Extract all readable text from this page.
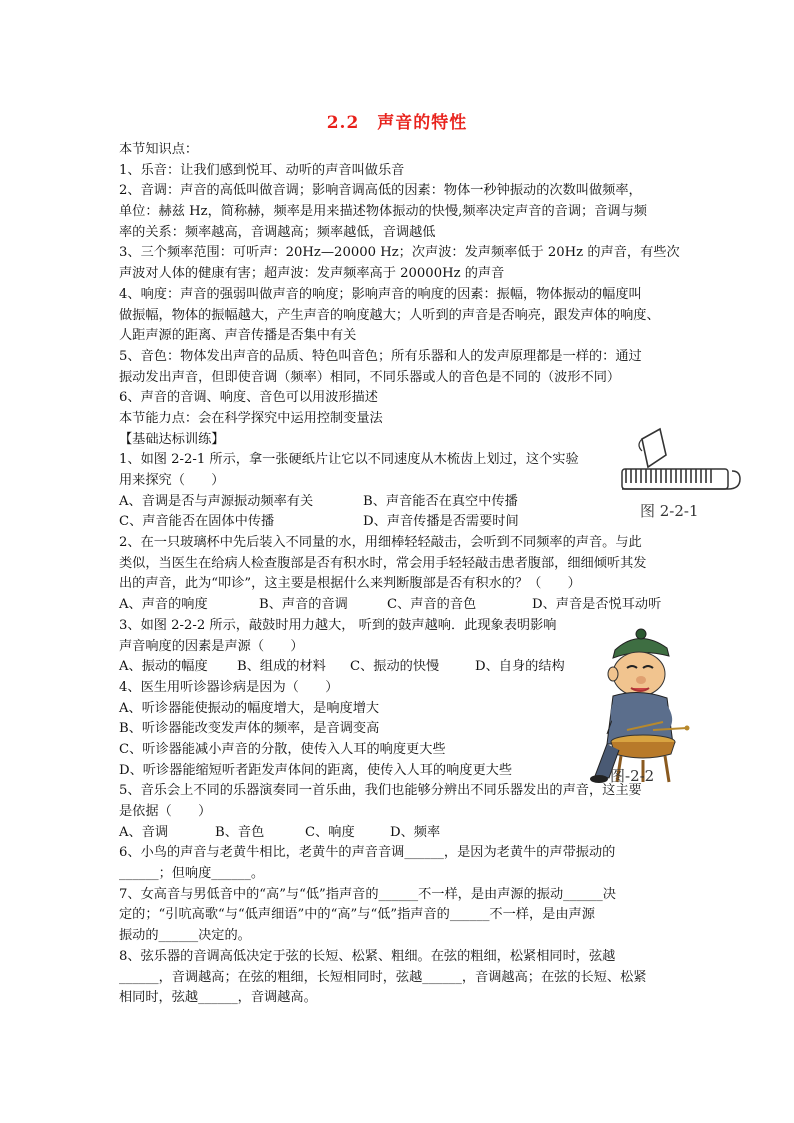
2.2　声音的特性
本节知识点：
1、乐音：让我们感到悦耳、动听的声音叫做乐音
2、音调：声音的高低叫做音调；影响音调高低的因素：物体一秒钟振动的次数叫做频率，
单位：赫兹 Hz，简称赫，频率是用来描述物体振动的快慢,频率决定声音的音调；音调与频
率的关系：频率越高，音调越高；频率越低，音调越低
3、三个频率范围：可听声：20Hz—20000 Hz；次声波：发声频率低于 20Hz 的声音，有些次
声波对人体的健康有害；超声波：发声频率高于 20000Hz 的声音
4、响度：声音的强弱叫做声音的响度；影响声音的响度的因素：振幅，物体振动的幅度叫
做振幅，物体的振幅越大，产生声音的响度越大；人听到的声音是否响亮，跟发声体的响度、
人距声源的距离、声音传播是否集中有关
5、音色：物体发出声音的品质、特色叫音色；所有乐器和人的发声原理都是一样的：通过
振动发出声音，但即使音调（频率）相同，不同乐器或人的音色是不同的（波形不同）
6、声音的音调、响度、音色可以用波形描述
本节能力点：会在科学探究中运用控制变量法
【基础达标训练】
1、如图 2-2-1 所示，拿一张硬纸片让它以不同速度从木梳齿上划过，这个实验
用来探究（　　）
A、音调是否与声源振动频率有关	B、声音能否在真空中传播
C、声音能否在固体中传播	D、声音传播是否需要时间
2、在一只玻璃杯中先后装入不同量的水，用细棒轻轻敲击，会听到不同频率的声音。与此
类似，当医生在给病人检查腹部是否有积水时，常会用手轻轻敲击患者腹部，细细倾听其发
出的声音，此为“叩诊”，这主要是根据什么来判断腹部是否有积水的？（　　）
A、声音的响度	B、声音的音调	C、声音的音色	D、声音是否悦耳动听
3、如图 2-2-2 所示，敲鼓时用力越大， 听到的鼓声越响．此现象表明影响
声音响度的因素是声源（　　）
A、振动的幅度	B、组成的材料	C、振动的快慢	D、自身的结构
4、医生用听诊器诊病是因为（　　）
A、听诊器能使振动的幅度增大，是响度增大
B、听诊器能改变发声体的频率，是音调变高
C、听诊器能减小声音的分散，使传入人耳的响度更大些
D、听诊器能缩短听者距发声体间的距离，使传入人耳的响度更大些
5、音乐会上不同的乐器演奏同一首乐曲，我们也能够分辨出不同乐器发出的声音，这主要
是依据（　　）
A、音调	B、音色	C、响度	D、频率
6、小鸟的声音与老黄牛相比，老黄牛的声音音调______，是因为老黄牛的声带振动的
______；但响度______。
7、女高音与男低音中的“高”与“低”指声音的______不一样，是由声源的振动______决
定的；“引吭高歌“与“低声细语”中的“高”与“低”指声音的______不一样，是由声源
振动的______决定的。
8、弦乐器的音调高低决定于弦的长短、松紧、粗细。在弦的粗细，松紧相同时，弦越
______，音调越高；在弦的粗细，长短相同时，弦越______，音调越高；在弦的长短、松紧
相同时，弦越______，音调越高。
图 2-2-1
图-2-2
